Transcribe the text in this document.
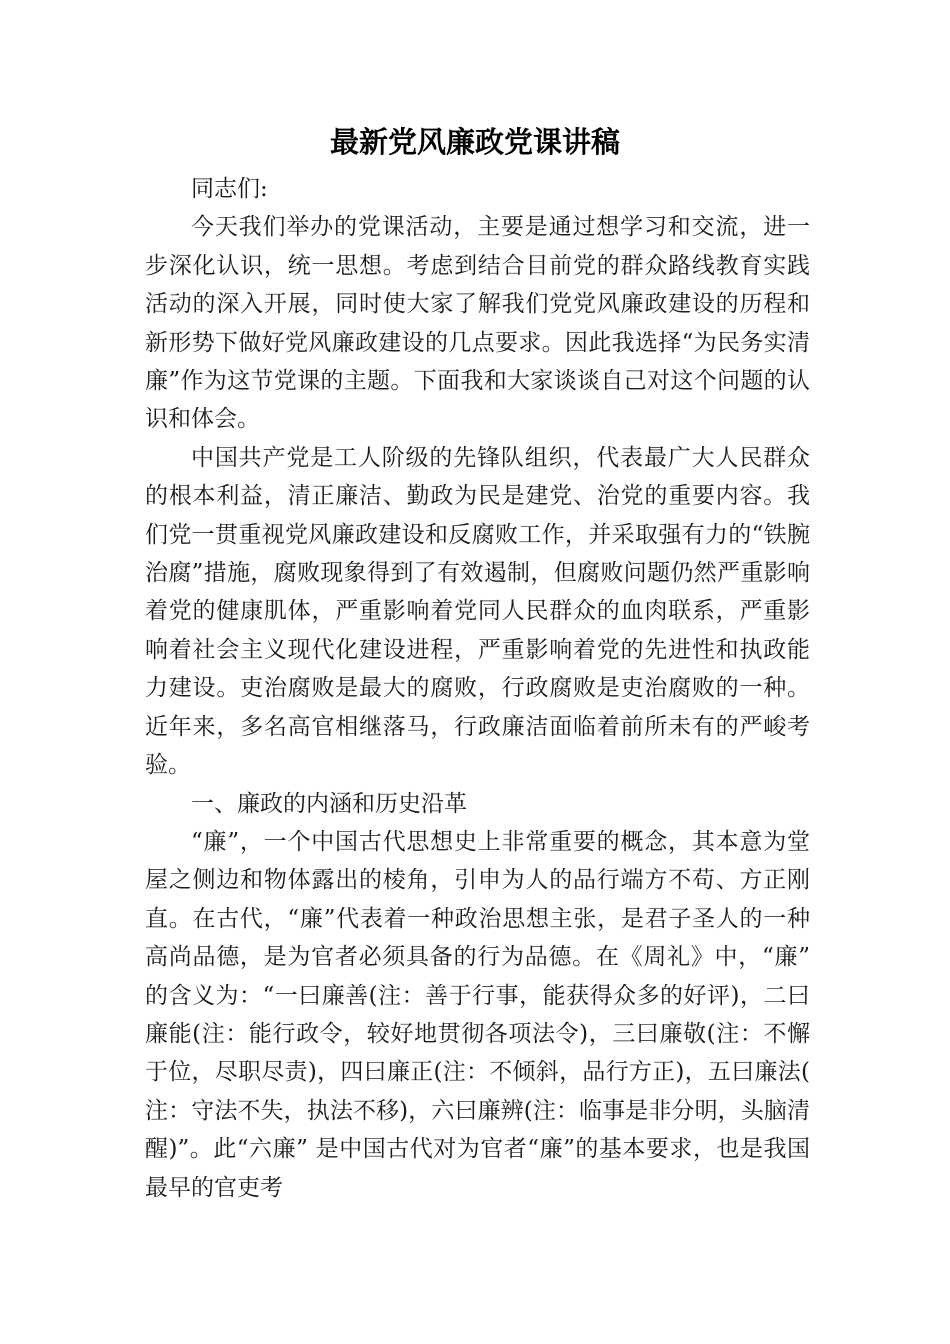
最新党风廉政党课讲稿

同志们:

今天我们举办的党课活动，主要是通过想学习和交流，进一步深化认识，统一思想。考虑到结合目前党的群众路线教育实践活动的深入开展，同时使大家了解我们党党风廉政建设的历程和新形势下做好党风廉政建设的几点要求。因此我选择“为民务实清廉”作为这节党课的主题。下面我和大家谈谈自己对这个问题的认识和体会。

中国共产党是工人阶级的先锋队组织，代表最广大人民群众的根本利益，清正廉洁、勤政为民是建党、治党的重要内容。我们党一贯重视党风廉政建设和反腐败工作，并采取强有力的“铁腕治腐”措施，腐败现象得到了有效遏制，但腐败问题仍然严重影响着党的健康肌体，严重影响着党同人民群众的血肉联系，严重影响着社会主义现代化建设进程，严重影响着党的先进性和执政能力建设。吏治腐败是最大的腐败，行政腐败是吏治腐败的一种。近年来，多名高官相继落马，行政廉洁面临着前所未有的严峻考验。

一、廉政的内涵和历史沿革

“廉”，一个中国古代思想史上非常重要的概念，其本意为堂屋之侧边和物体露出的棱角，引申为人的品行端方不苟、方正刚直。在古代，“廉”代表着一种政治思想主张，是君子圣人的一种高尚品德，是为官者必须具备的行为品德。在《周礼》中，“廉”的含义为：“一曰廉善(注：善于行事，能获得众多的好评)，二曰廉能(注：能行政令，较好地贯彻各项法令)，三曰廉敬(注：不懈于位，尽职尽责)，四曰廉正(注：不倾斜，品行方正)，五曰廉法(注：守法不失，执法不移)，六曰廉辨(注：临事是非分明，头脑清醒)”。此“六廉” 是中国古代对为官者“廉”的基本要求，也是我国最早的官吏考
